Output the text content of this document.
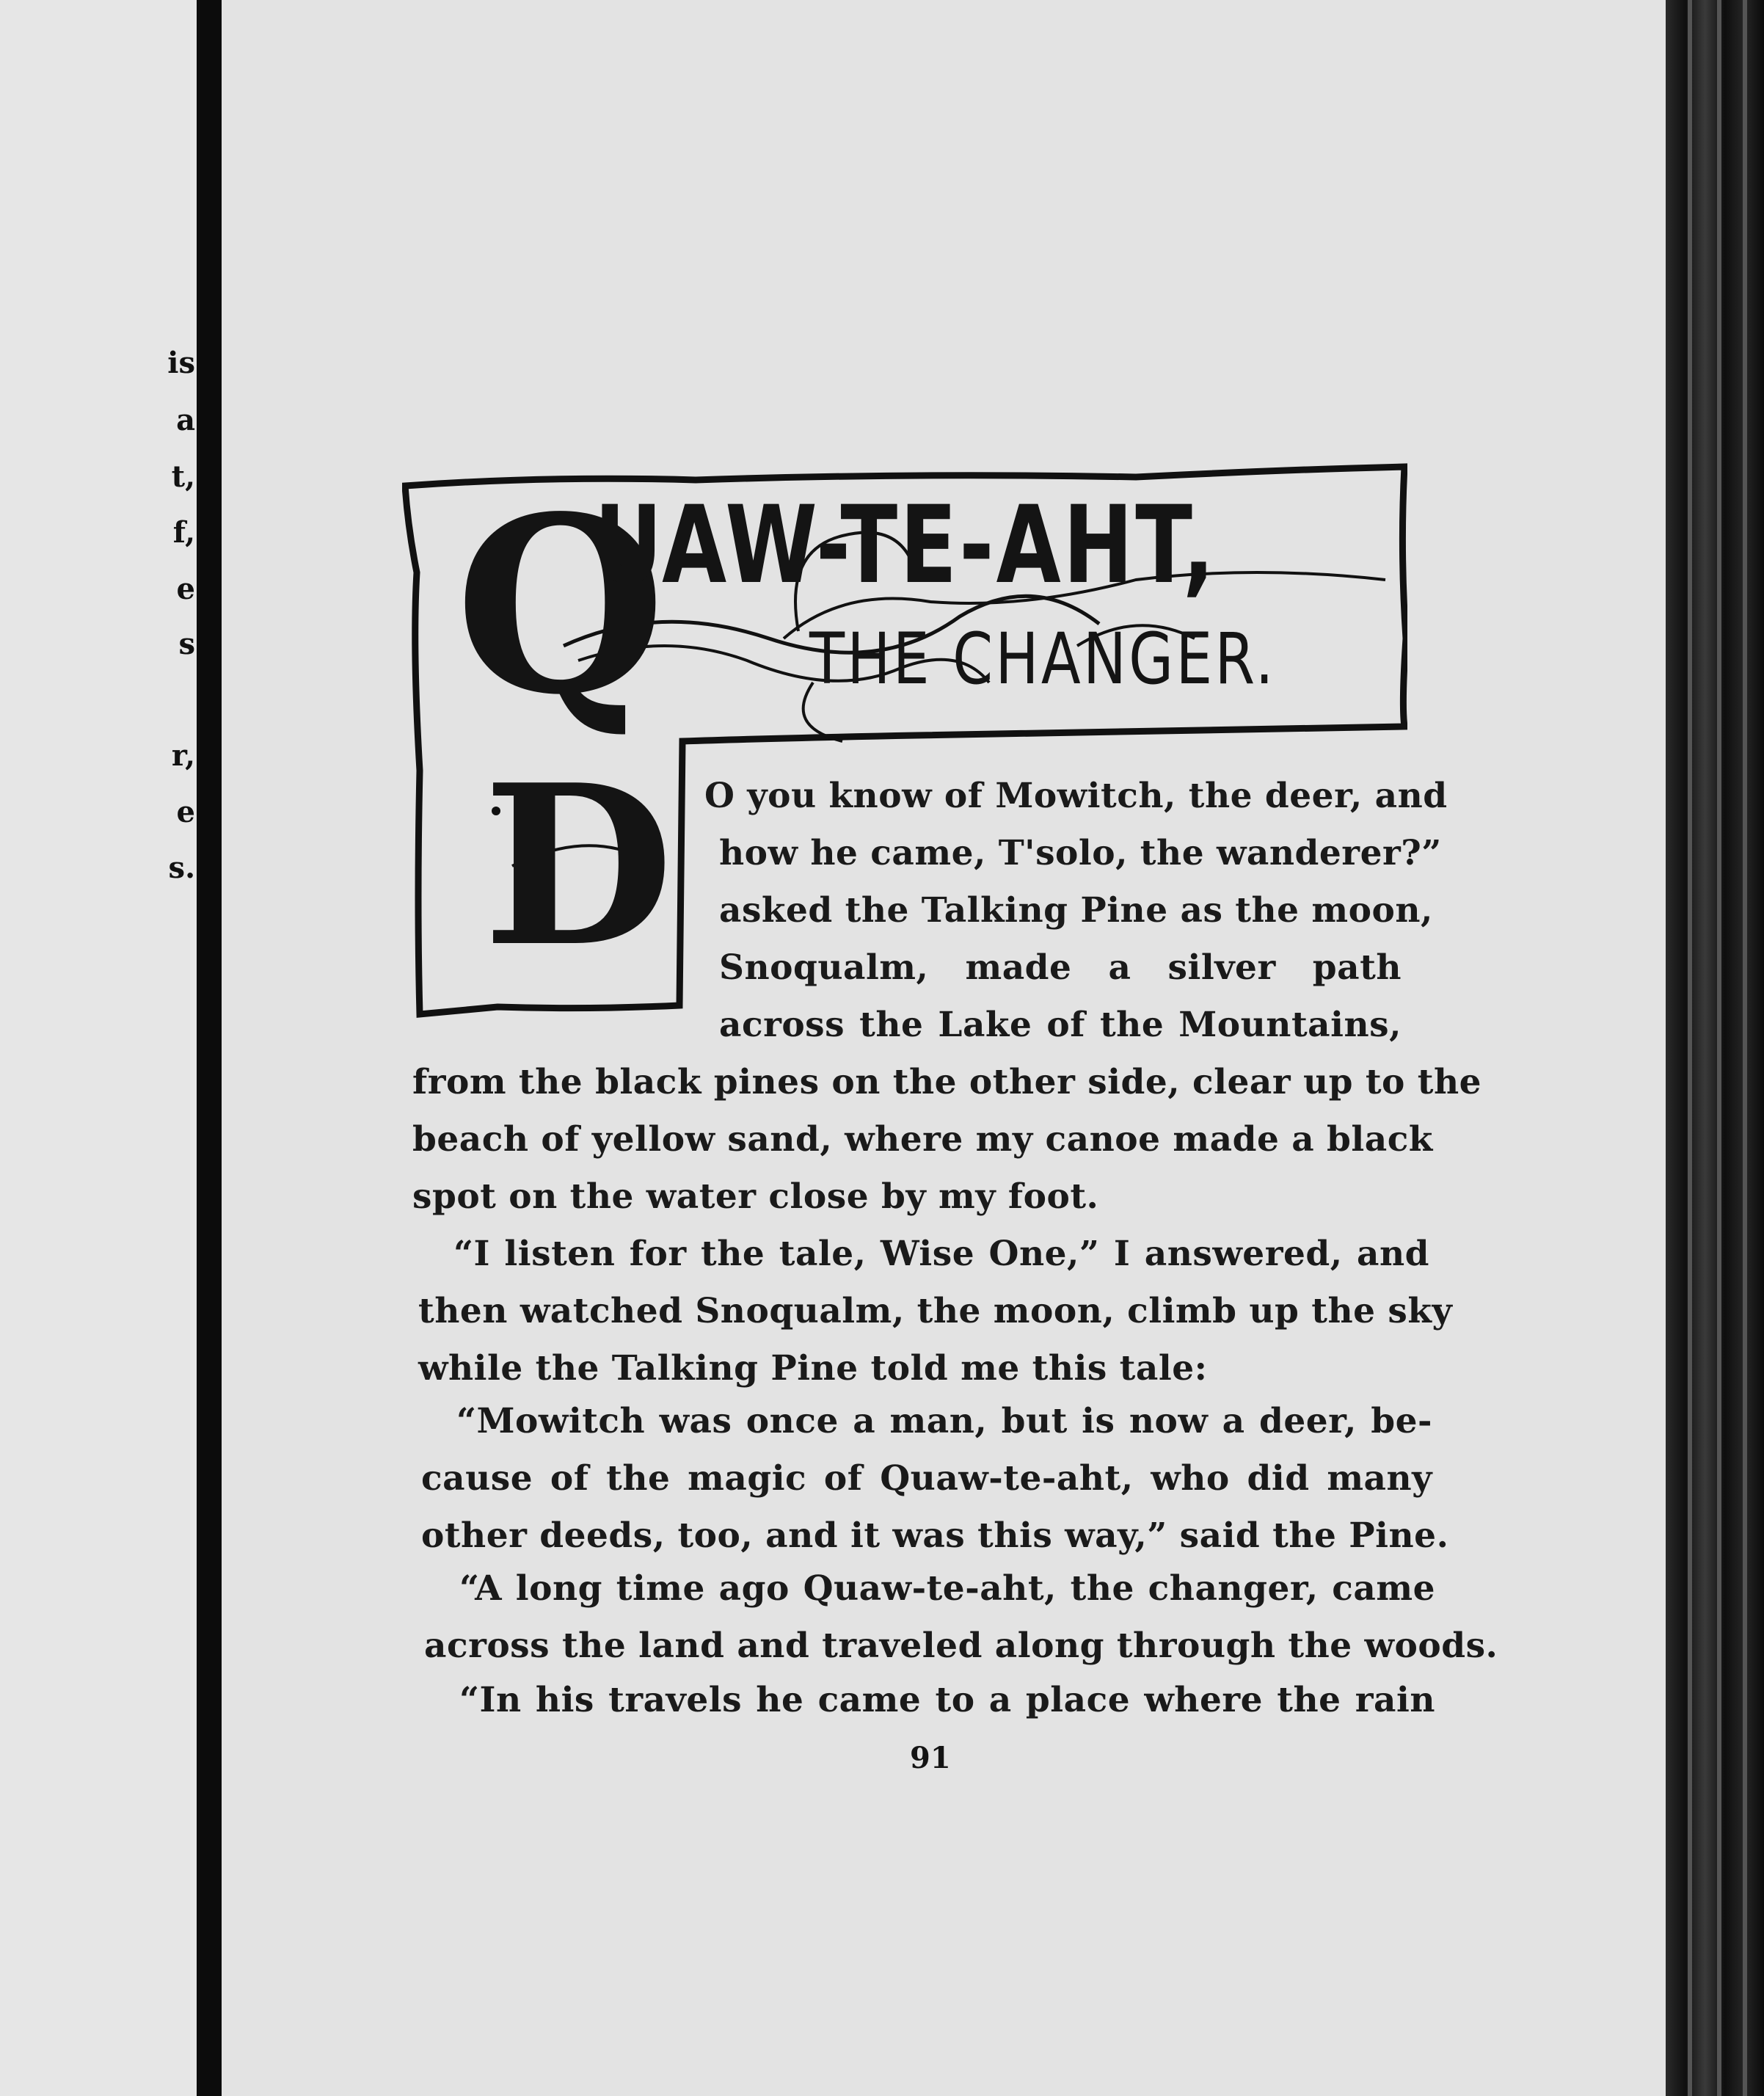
is
a
t,
f,
e
s
r,
e
s.
Q
UAW-TE-AHT,
THE CHANGER.
D O you know of Mowitch, the deer, and
how he came, T'solo, the wanderer?”
asked the Talking Pine as the moon,
Snoqualm, made a silver path
across the Lake of the Mountains,
from the black pines on the other side, clear up to the
beach of yellow sand, where my canoe made a black
spot on the water close by my foot.
“I listen for the tale, Wise One,” I answered, and
then watched Snoqualm, the moon, climb up the sky
while the Talking Pine told me this tale:
“Mowitch was once a man, but is now a deer, be-
cause of the magic of Quaw-te-aht, who did many
other deeds, too, and it was this way,” said the Pine.
“A long time ago Quaw-te-aht, the changer, came
across the land and traveled along through the woods.
“In his travels he came to a place where the rain
91
